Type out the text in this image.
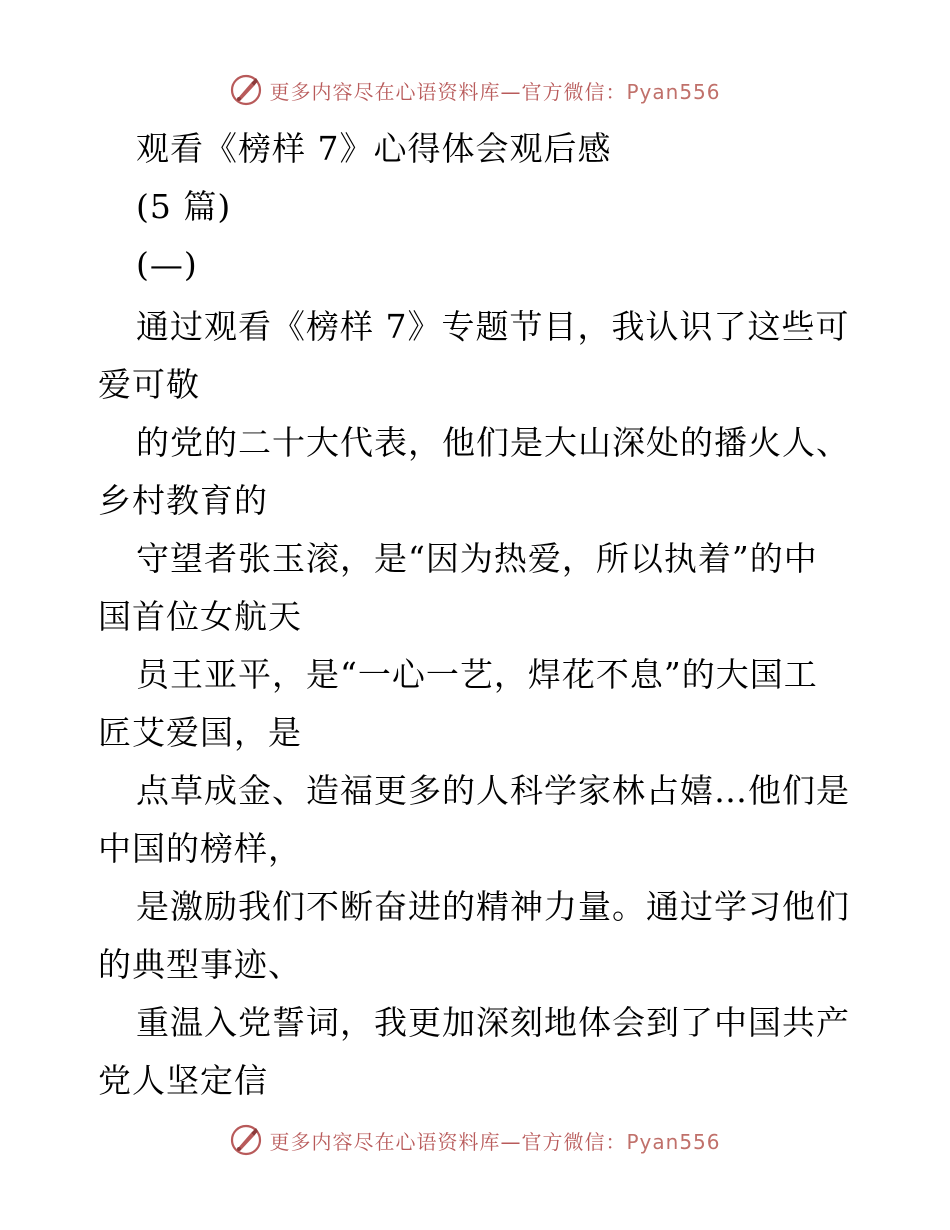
更多内容尽在心语资料库—官方微信：Pyan556
观看《榜样 7》心得体会观后感
(5 篇)
(—)
通过观看《榜样 7》专题节目，我认识了这些可
爱可敬
的党的二十大代表，他们是大山深处的播火人、
乡村教育的
守望者张玉滚，是“因为热爱，所以执着”的中
国首位女航天
员王亚平，是“一心一艺，焊花不息”的大国工
匠艾爱国，是
点草成金、造福更多的人科学家林占嬉…他们是
中国的榜样，
是激励我们不断奋进的精神力量。通过学习他们
的典型事迹、
重温入党誓词，我更加深刻地体会到了中国共产
党人坚定信
更多内容尽在心语资料库—官方微信：Pyan556
